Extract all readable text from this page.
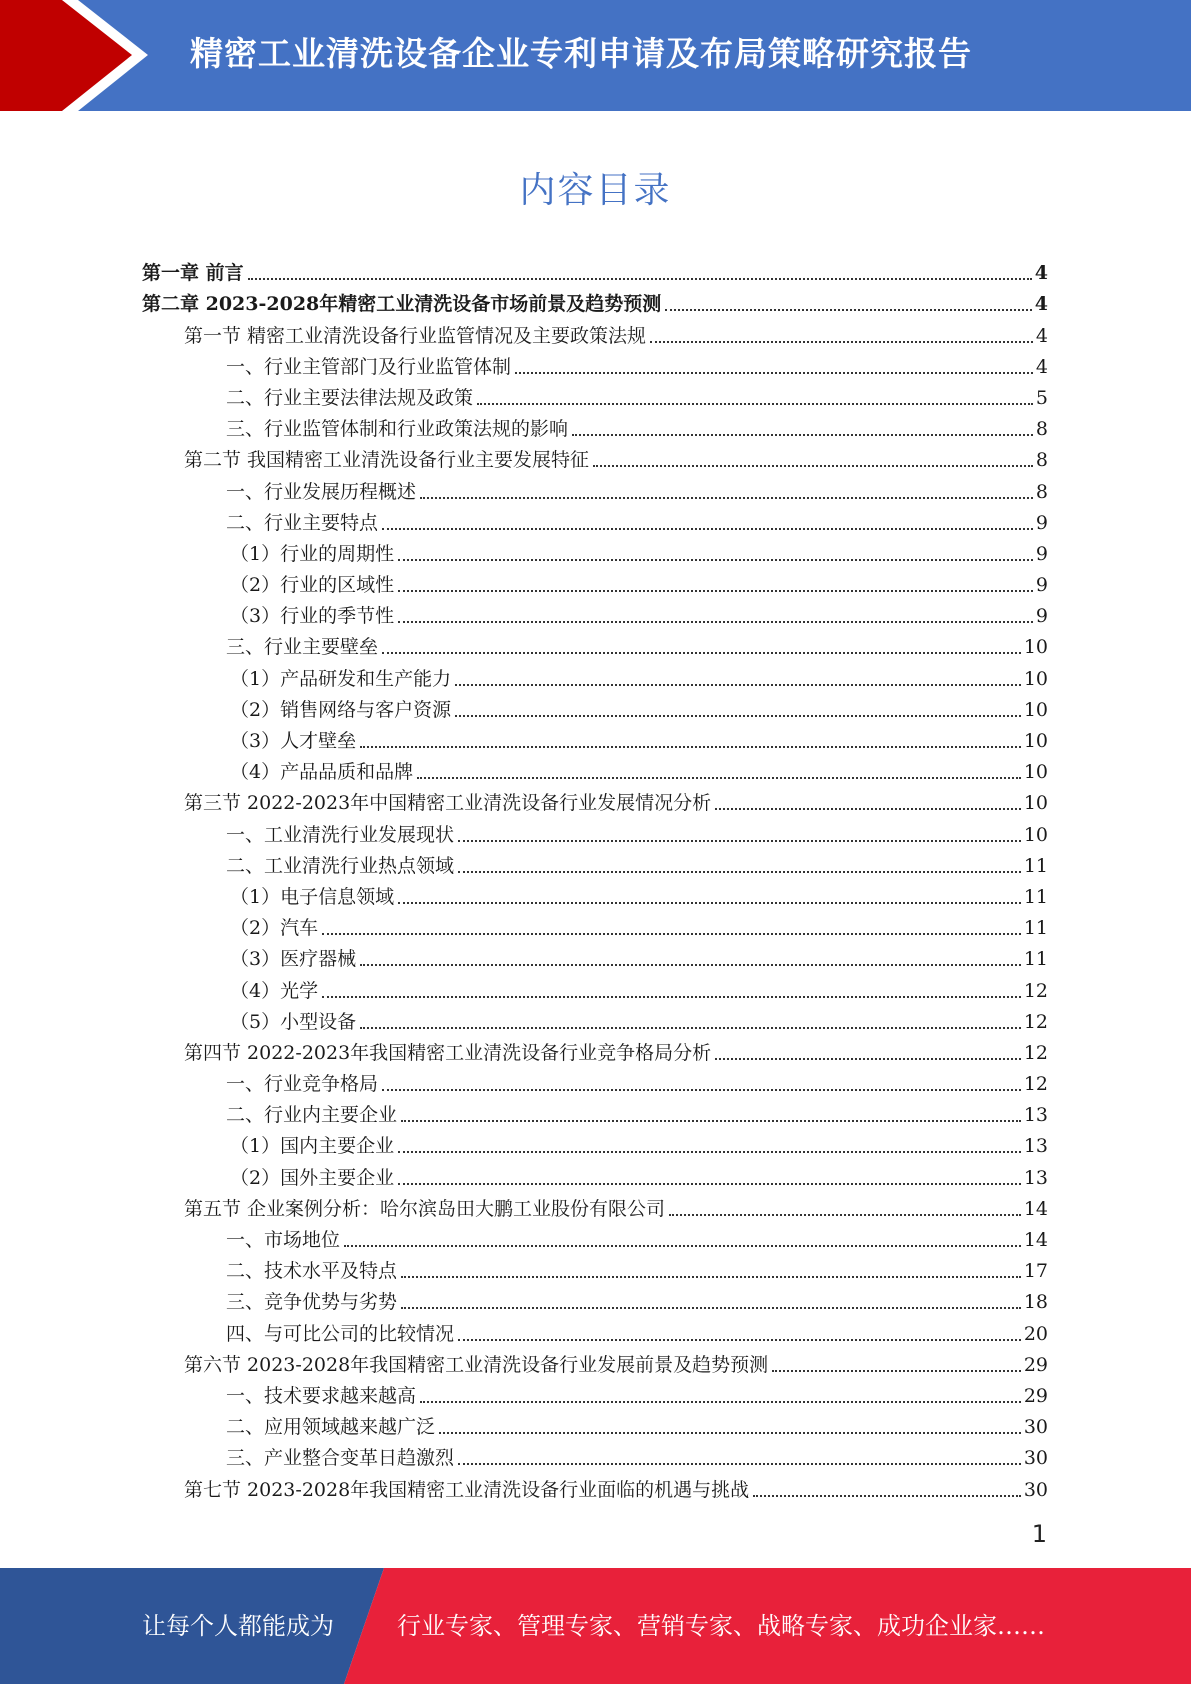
精密工业清洗设备企业专利申请及布局策略研究报告
内容目录
第一章 前言	4
第二章 2023-2028年精密工业清洗设备市场前景及趋势预测	4
第一节 精密工业清洗设备行业监管情况及主要政策法规	4
一、行业主管部门及行业监管体制	4
二、行业主要法律法规及政策	5
三、行业监管体制和行业政策法规的影响	8
第二节 我国精密工业清洗设备行业主要发展特征	8
一、行业发展历程概述	8
二、行业主要特点	9
（1）行业的周期性	9
（2）行业的区域性	9
（3）行业的季节性	9
三、行业主要壁垒	10
（1）产品研发和生产能力	10
（2）销售网络与客户资源	10
（3）人才壁垒	10
（4）产品品质和品牌	10
第三节 2022-2023年中国精密工业清洗设备行业发展情况分析	10
一、工业清洗行业发展现状	10
二、工业清洗行业热点领域	11
（1）电子信息领域	11
（2）汽车	11
（3）医疗器械	11
（4）光学	12
（5）小型设备	12
第四节 2022-2023年我国精密工业清洗设备行业竞争格局分析	12
一、行业竞争格局	12
二、行业内主要企业	13
（1）国内主要企业	13
（2）国外主要企业	13
第五节 企业案例分析：哈尔滨岛田大鹏工业股份有限公司	14
一、市场地位	14
二、技术水平及特点	17
三、竞争优势与劣势	18
四、与可比公司的比较情况	20
第六节 2023-2028年我国精密工业清洗设备行业发展前景及趋势预测	29
一、技术要求越来越高	29
二、应用领域越来越广泛	30
三、产业整合变革日趋激烈	30
第七节 2023-2028年我国精密工业清洗设备行业面临的机遇与挑战	30
1
让每个人都能成为	行业专家、管理专家、营销专家、战略专家、成功企业家……
